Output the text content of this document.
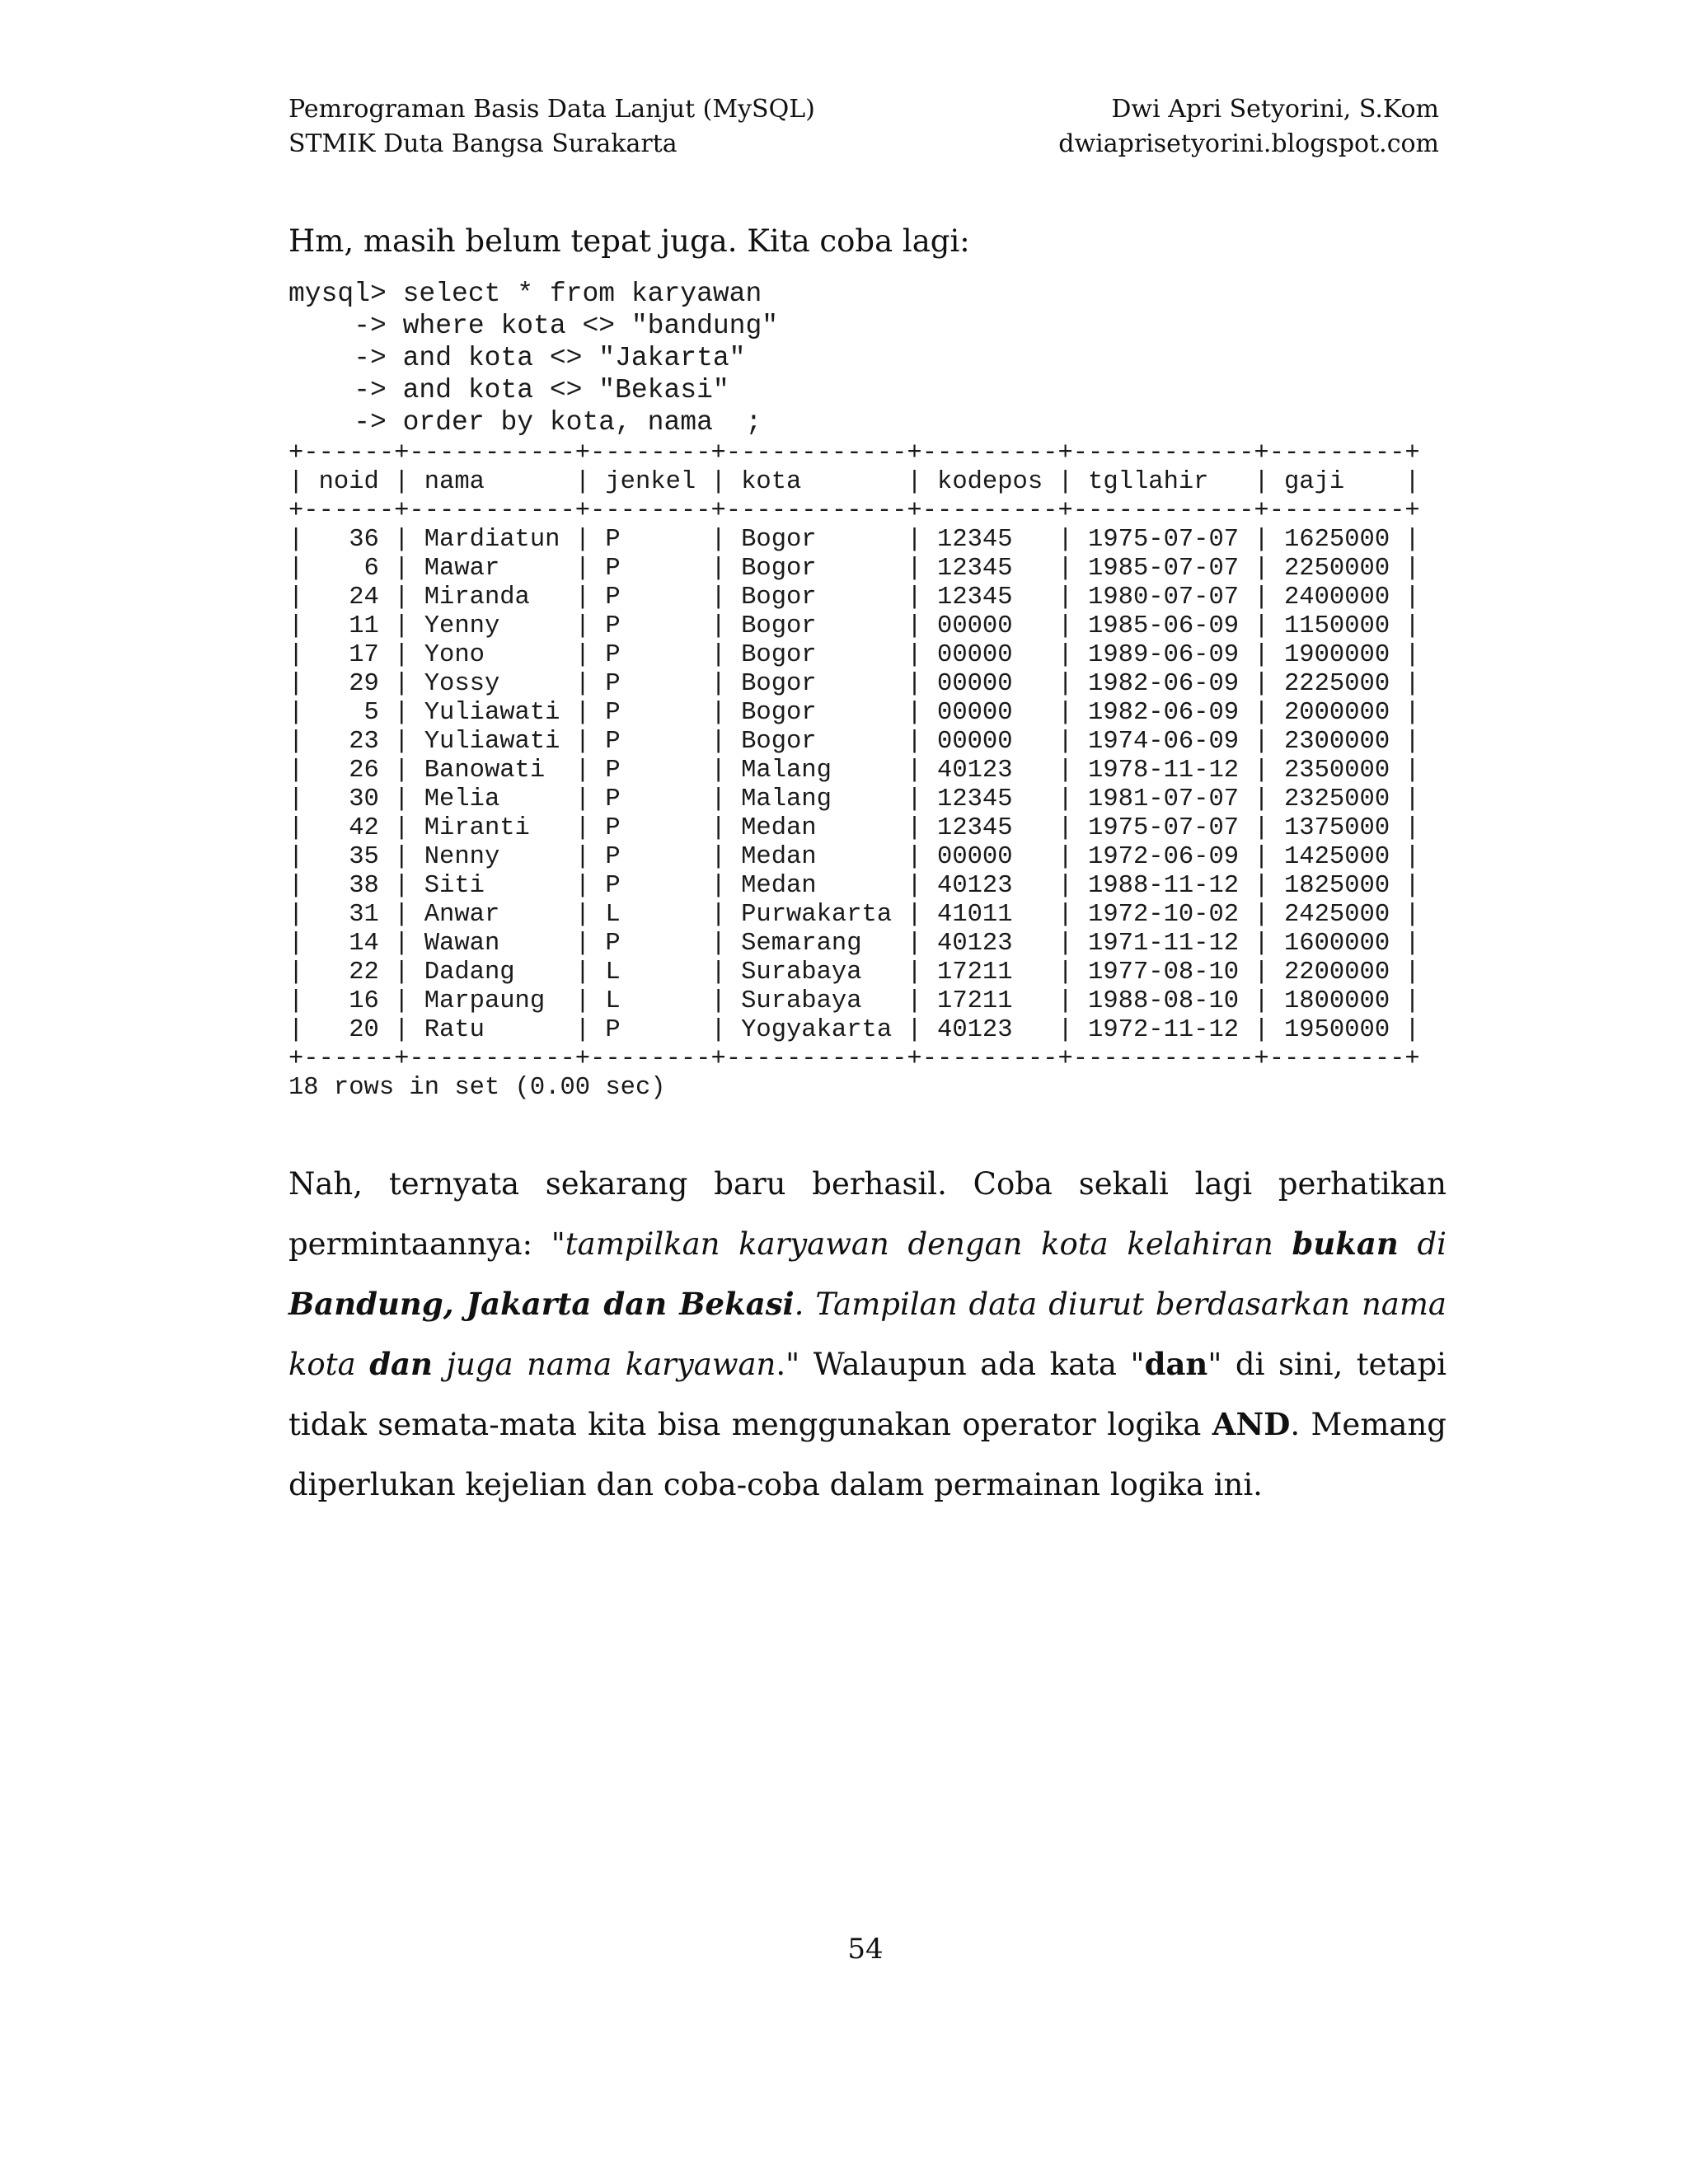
Pemrograman Basis Data Lanjut (MySQL)
STMIK Duta Bangsa Surakarta
Dwi Apri Setyorini, S.Kom
dwiaprisetyorini.blogspot.com
Hm, masih belum tepat juga. Kita coba lagi:
mysql> select * from karyawan
-> where kota <> "bandung"
-> and kota <> "Jakarta"
-> and kota <> "Bekasi"
-> order by kota, nama  ;
+------+-----------+--------+------------+---------+------------+---------+
| noid | nama      | jenkel | kota       | kodepos | tgllahir   | gaji    |
+------+-----------+--------+------------+---------+------------+---------+
|   36 | Mardiatun | P      | Bogor      | 12345   | 1975-07-07 | 1625000 |
|    6 | Mawar     | P      | Bogor      | 12345   | 1985-07-07 | 2250000 |
|   24 | Miranda   | P      | Bogor      | 12345   | 1980-07-07 | 2400000 |
|   11 | Yenny     | P      | Bogor      | 00000   | 1985-06-09 | 1150000 |
|   17 | Yono      | P      | Bogor      | 00000   | 1989-06-09 | 1900000 |
|   29 | Yossy     | P      | Bogor      | 00000   | 1982-06-09 | 2225000 |
|    5 | Yuliawati | P      | Bogor      | 00000   | 1982-06-09 | 2000000 |
|   23 | Yuliawati | P      | Bogor      | 00000   | 1974-06-09 | 2300000 |
|   26 | Banowati  | P      | Malang     | 40123   | 1978-11-12 | 2350000 |
|   30 | Melia     | P      | Malang     | 12345   | 1981-07-07 | 2325000 |
|   42 | Miranti   | P      | Medan      | 12345   | 1975-07-07 | 1375000 |
|   35 | Nenny     | P      | Medan      | 00000   | 1972-06-09 | 1425000 |
|   38 | Siti      | P      | Medan      | 40123   | 1988-11-12 | 1825000 |
|   31 | Anwar     | L      | Purwakarta | 41011   | 1972-10-02 | 2425000 |
|   14 | Wawan     | P      | Semarang   | 40123   | 1971-11-12 | 1600000 |
|   22 | Dadang    | L      | Surabaya   | 17211   | 1977-08-10 | 2200000 |
|   16 | Marpaung  | L      | Surabaya   | 17211   | 1988-08-10 | 1800000 |
|   20 | Ratu      | P      | Yogyakarta | 40123   | 1972-11-12 | 1950000 |
+------+-----------+--------+------------+---------+------------+---------+
18 rows in set (0.00 sec)
Nah, ternyata sekarang baru berhasil. Coba sekali lagi perhatikan permintaannya: "tampilkan karyawan dengan kota kelahiran bukan di Bandung, Jakarta dan Bekasi. Tampilan data diurut berdasarkan nama kota dan juga nama karyawan." Walaupun ada kata "dan" di sini, tetapi tidak semata-mata kita bisa menggunakan operator logika AND. Memang diperlukan kejelian dan coba-coba dalam permainan logika ini.
54
